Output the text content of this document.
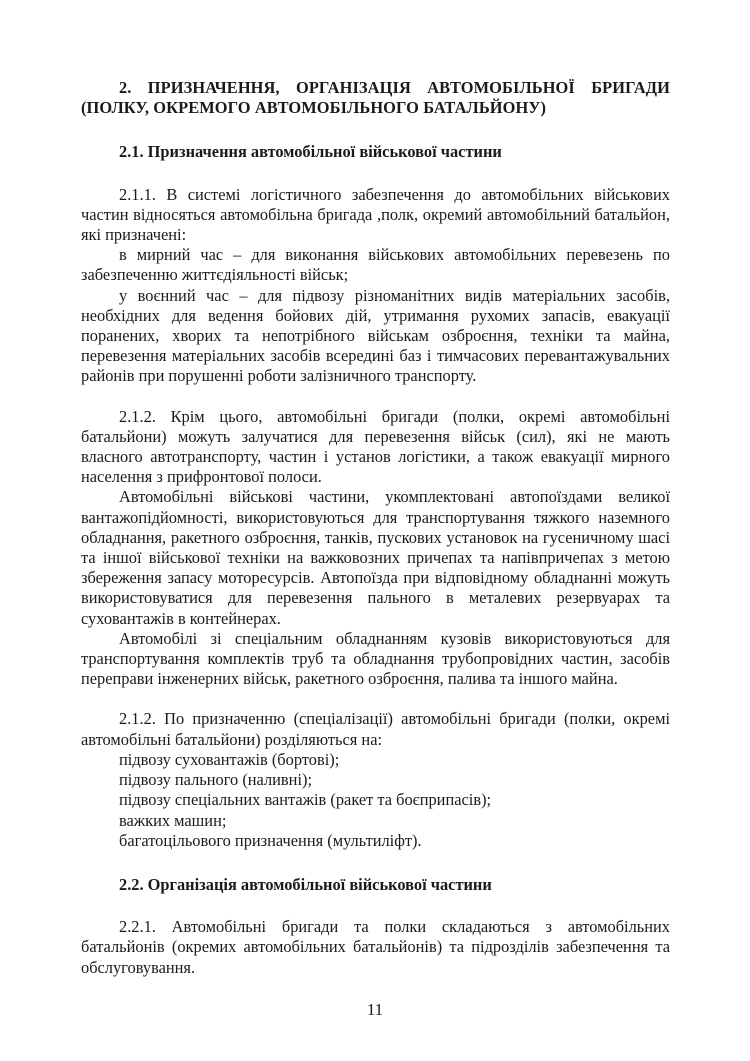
2. ПРИЗНАЧЕННЯ, ОРГАНІЗАЦІЯ АВТОМОБІЛЬНОЇ БРИГАДИ
(ПОЛКУ, ОКРЕМОГО АВТОМОБІЛЬНОГО БАТАЛЬЙОНУ)
2.1. Призначення автомобільної військової частини

2.1.1. В системі логістичного забезпечення до автомобільних військових частин відносяться автомобільна бригада ,полк, окремий автомобільний батальйон, які призначені:

в мирний час – для виконання військових автомобільних перевезень по забезпеченню життєдіяльності військ;

у воєнний час – для підвозу різноманітних видів матеріальних засобів, необхідних для ведення бойових дій, утримання рухомих запасів, евакуації поранених, хворих та непотрібного військам озброєння, техніки та майна, перевезення матеріальних засобів всередині баз і тимчасових перевантажувальних районів при порушенні роботи залізничного транспорту.

2.1.2. Крім цього, автомобільні бригади (полки, окремі автомобільні батальйони) можуть залучатися для перевезення військ (сил), які не мають власного автотранспорту, частин і установ логістики, а також евакуації мирного населення з прифронтової полоси.

Автомобільні військові частини, укомплектовані автопоїздами великої вантажопідйомності, використовуються для транспортування тяжкого наземного обладнання, ракетного озброєння, танків, пускових установок на гусеничному шасі та іншої військової техніки на важковозних причепах та напівпричепах з метою збереження запасу моторесурсів. Автопоїзда при відповідному обладнанні можуть використовуватися для перевезення пального в металевих резервуарах та суховантажів в контейнерах.

Автомобілі зі спеціальним обладнанням кузовів використовуються для транспортування комплектів труб та обладнання трубопровідних частин, засобів переправи інженерних військ, ракетного озброєння, палива та іншого майна.

2.1.2. По призначенню (спеціалізації) автомобільні бригади (полки, окремі автомобільні батальйони) розділяються на:

підвозу суховантажів (бортові);

підвозу пального (наливні);

підвозу спеціальних вантажів (ракет та боєприпасів);

важких машин;

багатоцільового призначення (мультиліфт).

2.2. Організація автомобільної військової частини

2.2.1. Автомобільні бригади та полки складаються з автомобільних батальйонів (окремих автомобільних батальйонів) та підрозділів забезпечення та обслуговування.

11
